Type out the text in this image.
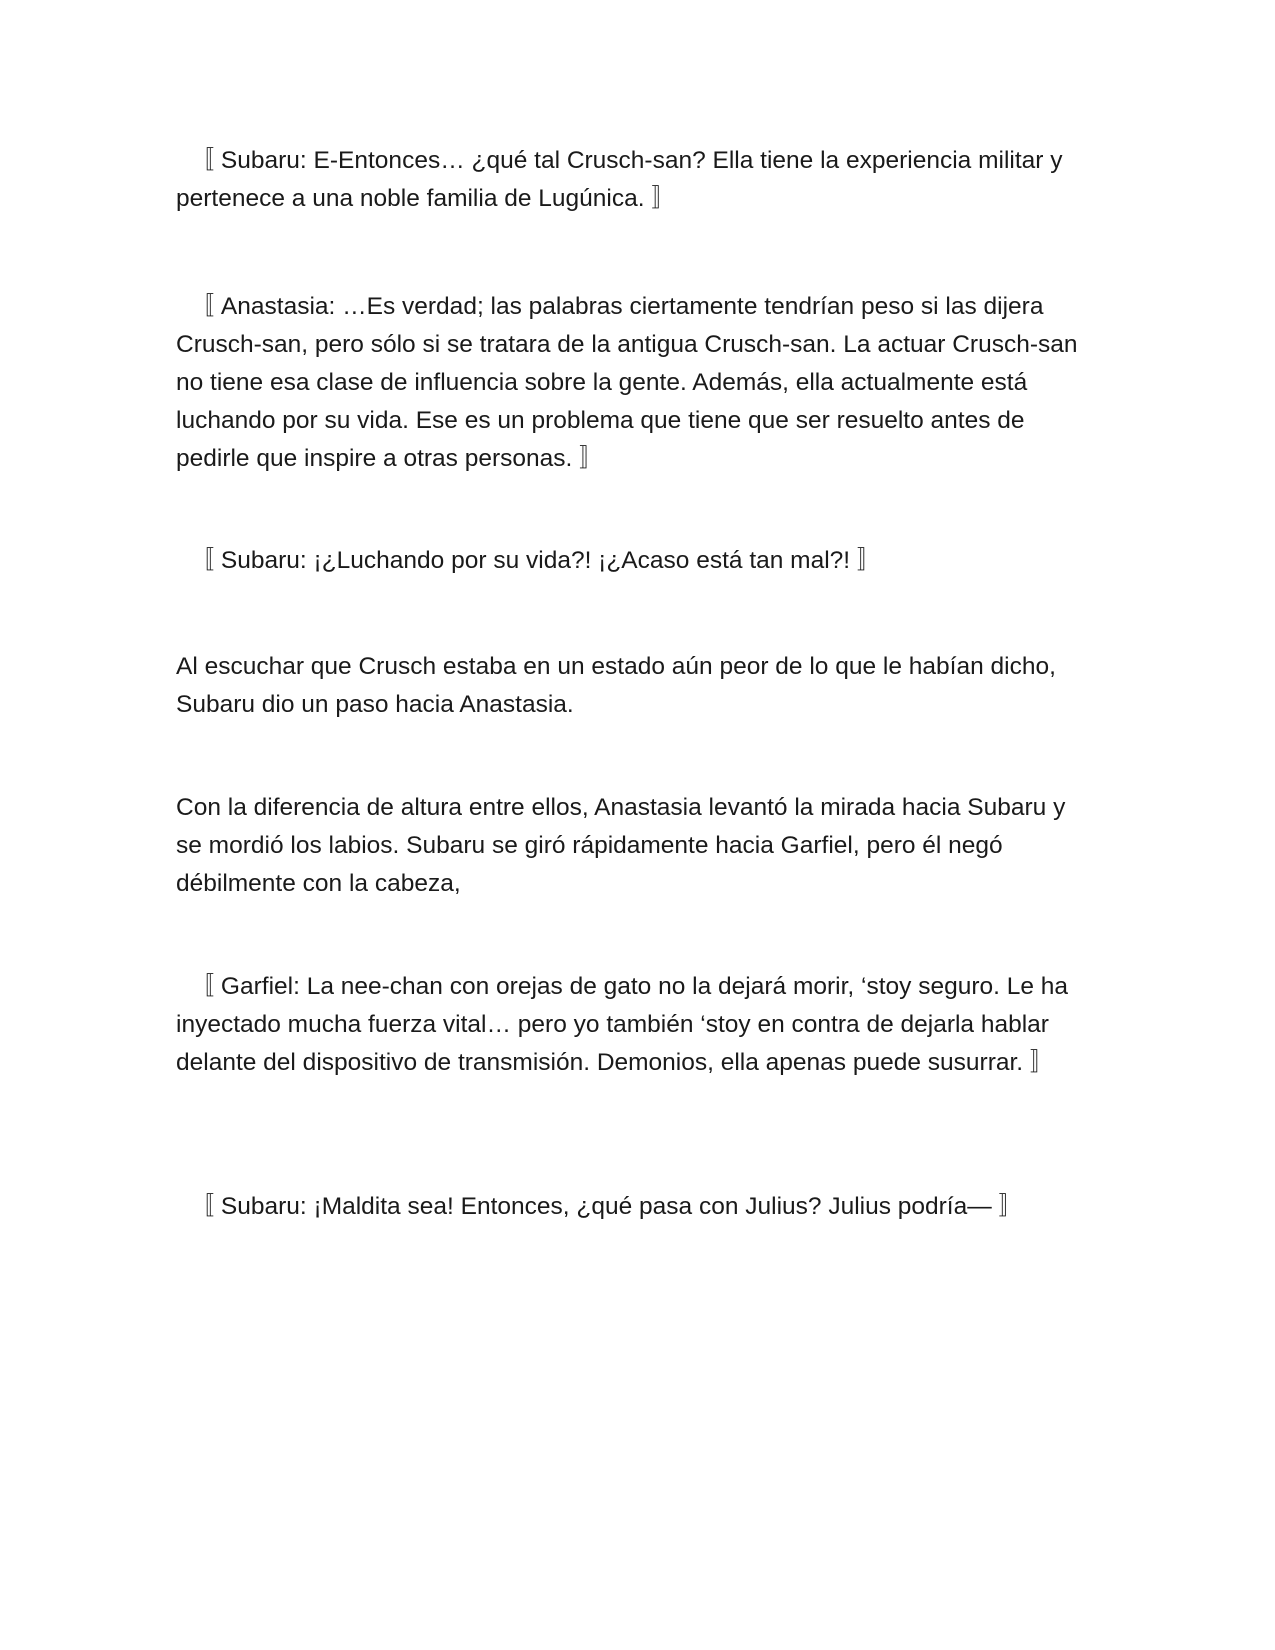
〚 Subaru: E-Entonces… ¿qué tal Crusch-san? Ella tiene la experiencia militar y pertenece a una noble familia de Lugúnica. 〛

〚 Anastasia: …Es verdad; las palabras ciertamente tendrían peso si las dijera Crusch-san, pero sólo si se tratara de la antigua Crusch-san. La actuar Crusch-san no tiene esa clase de influencia sobre la gente. Además, ella actualmente está luchando por su vida. Ese es un problema que tiene que ser resuelto antes de pedirle que inspire a otras personas. 〛

〚 Subaru: ¡¿Luchando por su vida?! ¡¿Acaso está tan mal?! 〛

Al escuchar que Crusch estaba en un estado aún peor de lo que le habían dicho, Subaru dio un paso hacia Anastasia.

Con la diferencia de altura entre ellos, Anastasia levantó la mirada hacia Subaru y se mordió los labios. Subaru se giró rápidamente hacia Garfiel, pero él negó débilmente con la cabeza,

〚 Garfiel: La nee-chan con orejas de gato no la dejará morir, ‘stoy seguro. Le ha inyectado mucha fuerza vital… pero yo también ‘stoy en contra de dejarla hablar delante del dispositivo de transmisión. Demonios, ella apenas puede susurrar. 〛

〚 Subaru: ¡Maldita sea! Entonces, ¿qué pasa con Julius? Julius podría— 〛
